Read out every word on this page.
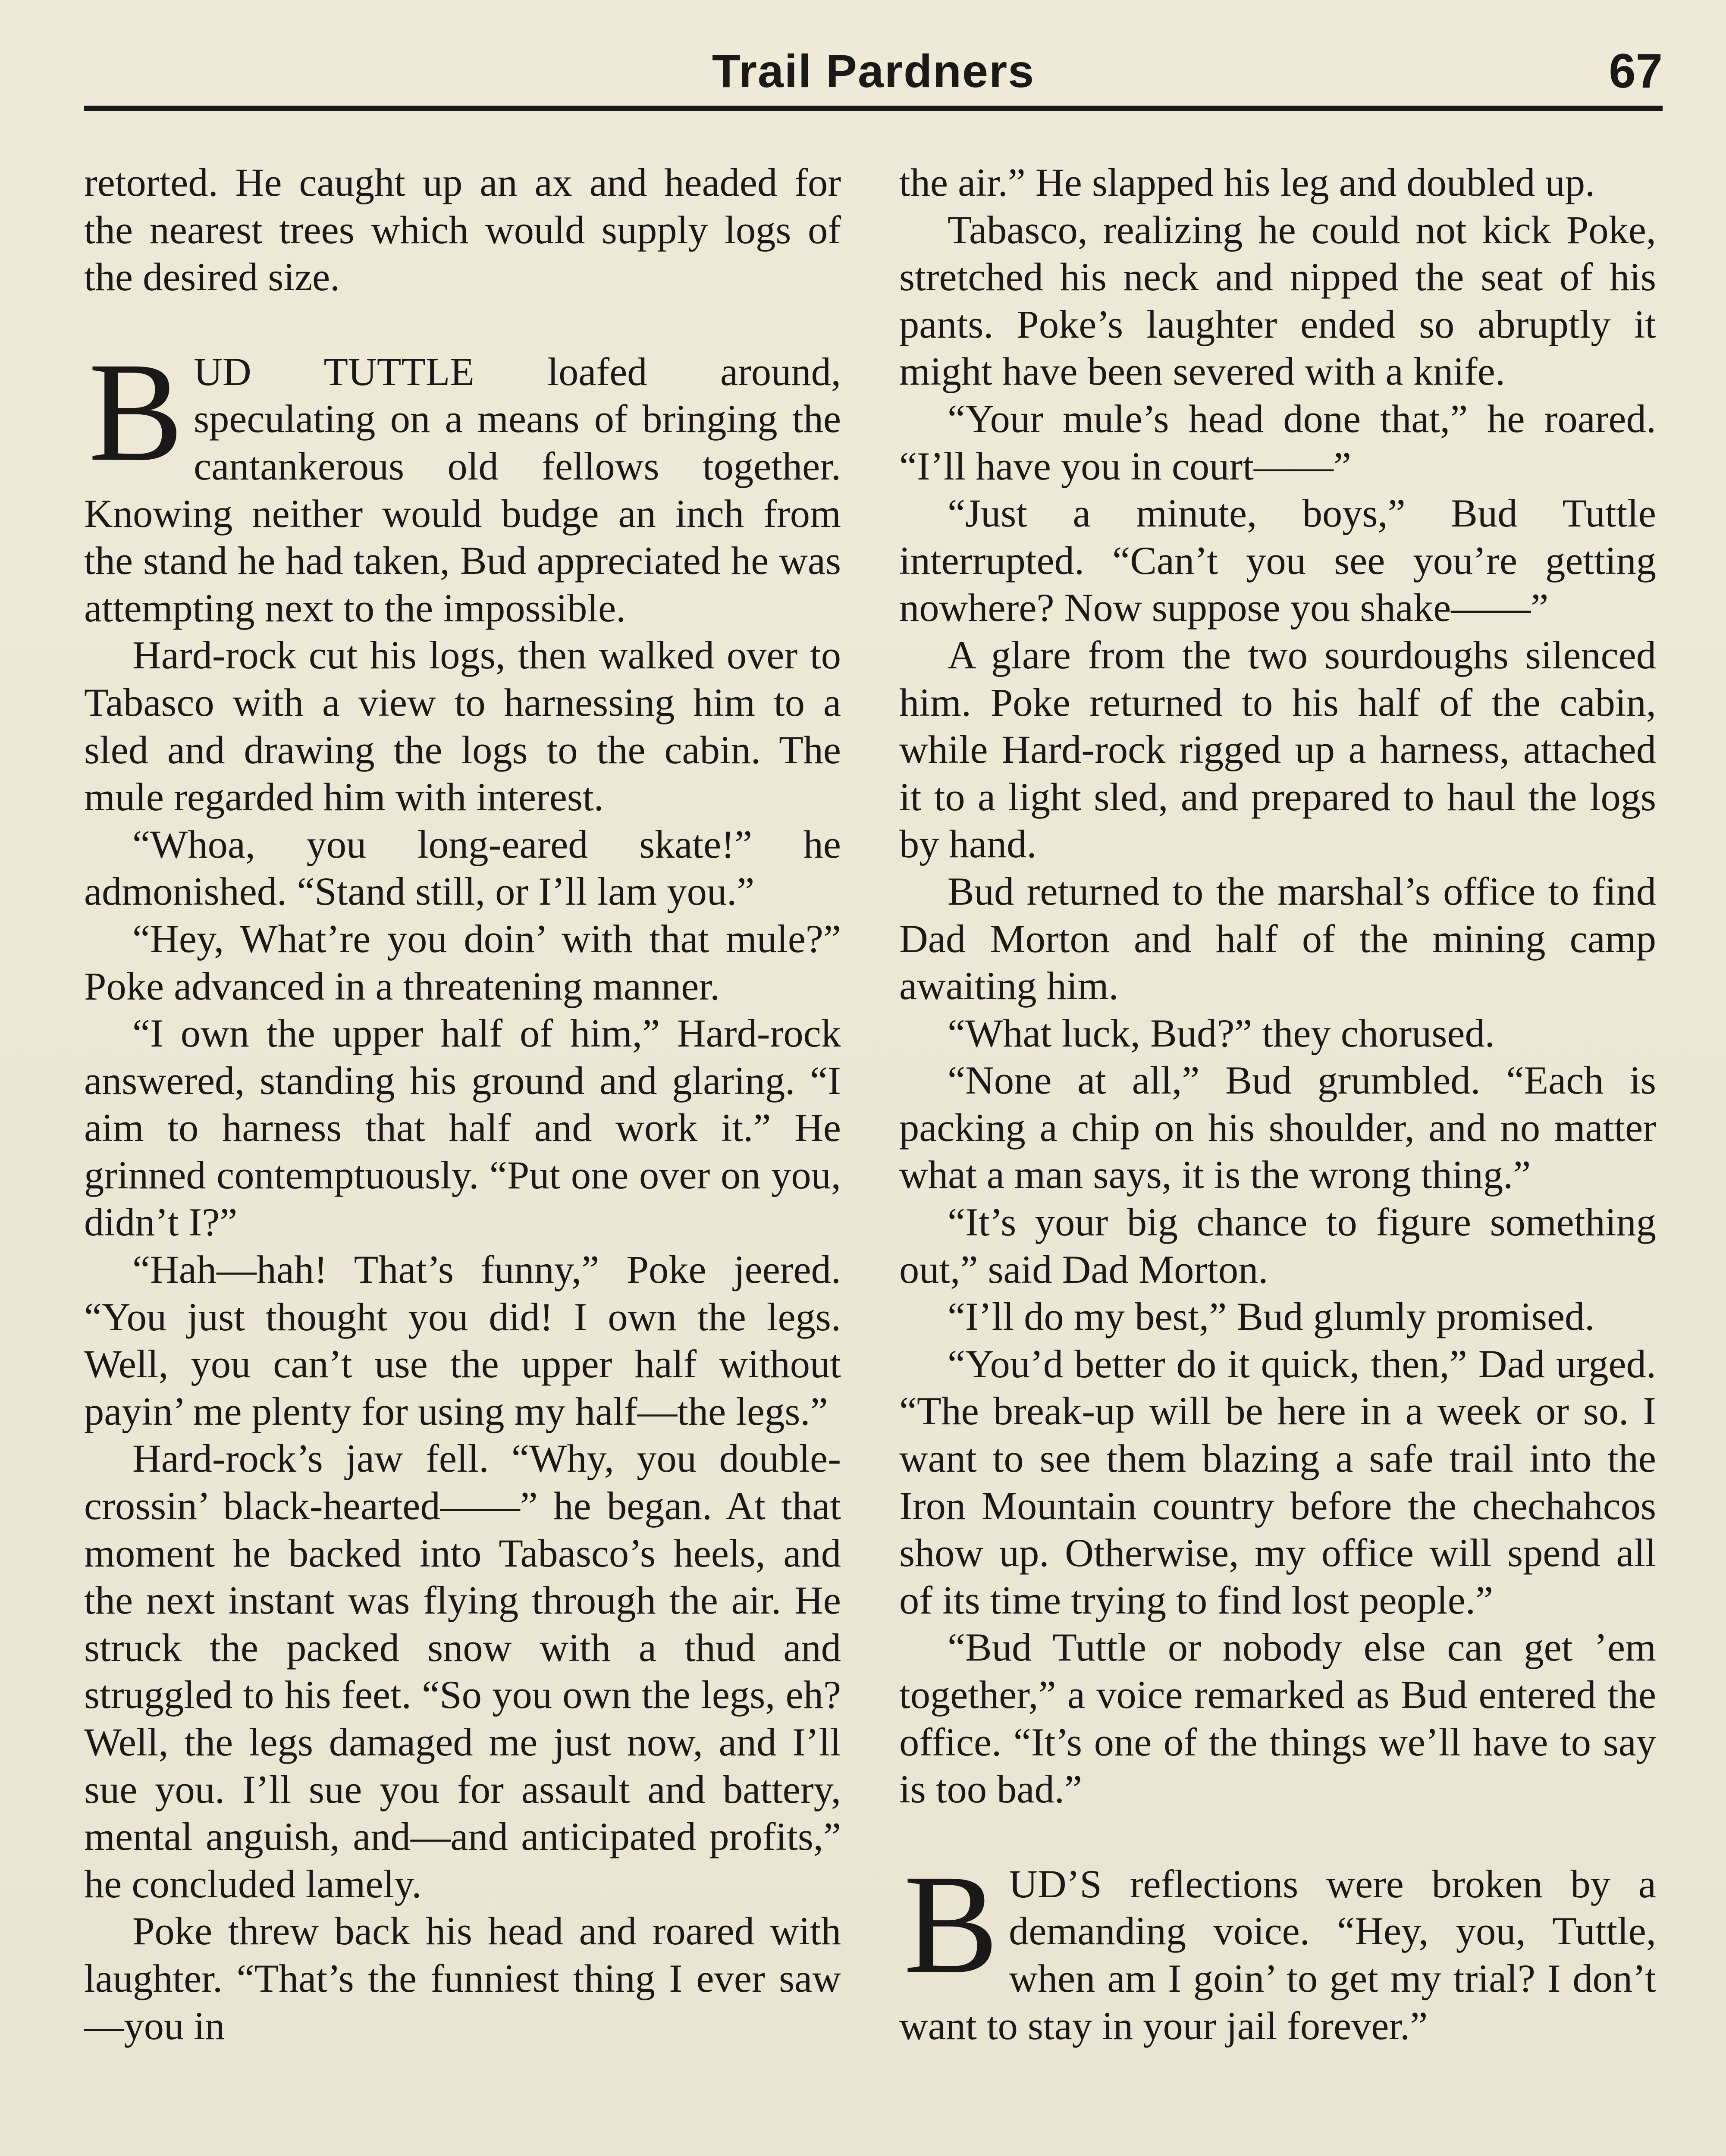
Trail Pardners	67

retorted. He caught up an ax and headed for the nearest trees which would supply logs of the desired size.

BUD TUTTLE loafed around, speculating on a means of bringing the cantankerous old fellows together. Knowing neither would budge an inch from the stand he had taken, Bud appreciated he was attempting next to the impossible.

Hard-rock cut his logs, then walked over to Tabasco with a view to harnessing him to a sled and drawing the logs to the cabin. The mule regarded him with interest.

“Whoa, you long-eared skate!” he admonished. “Stand still, or I’ll lam you.”

“Hey, What’re you doin’ with that mule?” Poke advanced in a threatening manner.

“I own the upper half of him,” Hard-rock answered, standing his ground and glaring. “I aim to harness that half and work it.” He grinned contemptuously. “Put one over on you, didn’t I?”

“Hah—hah! That’s funny,” Poke jeered. “You just thought you did! I own the legs. Well, you can’t use the upper half without payin’ me plenty for using my half—the legs.”

Hard-rock’s jaw fell. “Why, you double-crossin’ black-hearted——” he began. At that moment he backed into Tabasco’s heels, and the next instant was flying through the air. He struck the packed snow with a thud and struggled to his feet. “So you own the legs, eh? Well, the legs damaged me just now, and I’ll sue you. I’ll sue you for assault and battery, mental anguish, and—and anticipated profits,” he concluded lamely.

Poke threw back his head and roared with laughter. “That’s the funniest thing I ever saw—you in

the air.” He slapped his leg and doubled up.

Tabasco, realizing he could not kick Poke, stretched his neck and nipped the seat of his pants. Poke’s laughter ended so abruptly it might have been severed with a knife.

“Your mule’s head done that,” he roared. “I’ll have you in court——”

“Just a minute, boys,” Bud Tuttle interrupted. “Can’t you see you’re getting nowhere? Now suppose you shake——”

A glare from the two sourdoughs silenced him. Poke returned to his half of the cabin, while Hard-rock rigged up a harness, attached it to a light sled, and prepared to haul the logs by hand.

Bud returned to the marshal’s office to find Dad Morton and half of the mining camp awaiting him.

“What luck, Bud?” they chorused.

“None at all,” Bud grumbled. “Each is packing a chip on his shoulder, and no matter what a man says, it is the wrong thing.”

“It’s your big chance to figure something out,” said Dad Morton.

“I’ll do my best,” Bud glumly promised.

“You’d better do it quick, then,” Dad urged. “The break-up will be here in a week or so. I want to see them blazing a safe trail into the Iron Mountain country before the chechahcos show up. Otherwise, my office will spend all of its time trying to find lost people.”

“Bud Tuttle or nobody else can get ’em together,” a voice remarked as Bud entered the office. “It’s one of the things we’ll have to say is too bad.”

BUD’S reflections were broken by a demanding voice. “Hey, you, Tuttle, when am I goin’ to get my trial? I don’t want to stay in your jail forever.”
